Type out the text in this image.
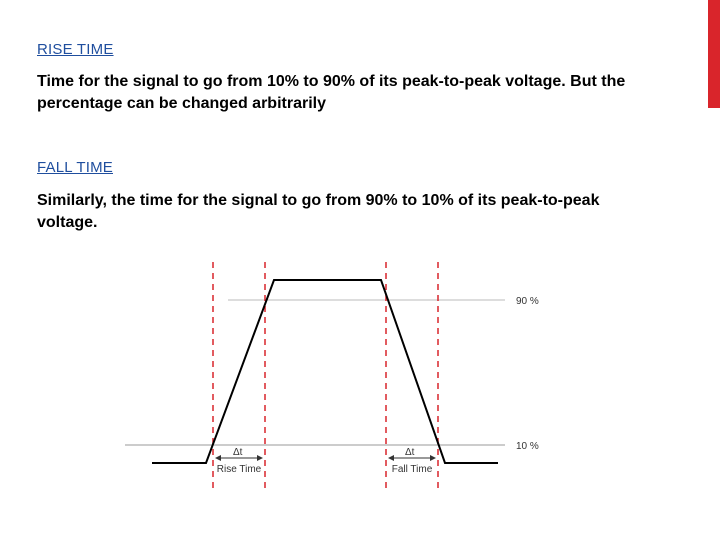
RISE TIME
Time for the signal to go from 10% to 90% of its peak-to-peak voltage. But the percentage can be changed arbitrarily
FALL TIME
Similarly, the time for the signal to go from 90% to 10% of its peak-to-peak voltage.
90 %
10 %
Δt	Δt
Rise Time	Fall Time
